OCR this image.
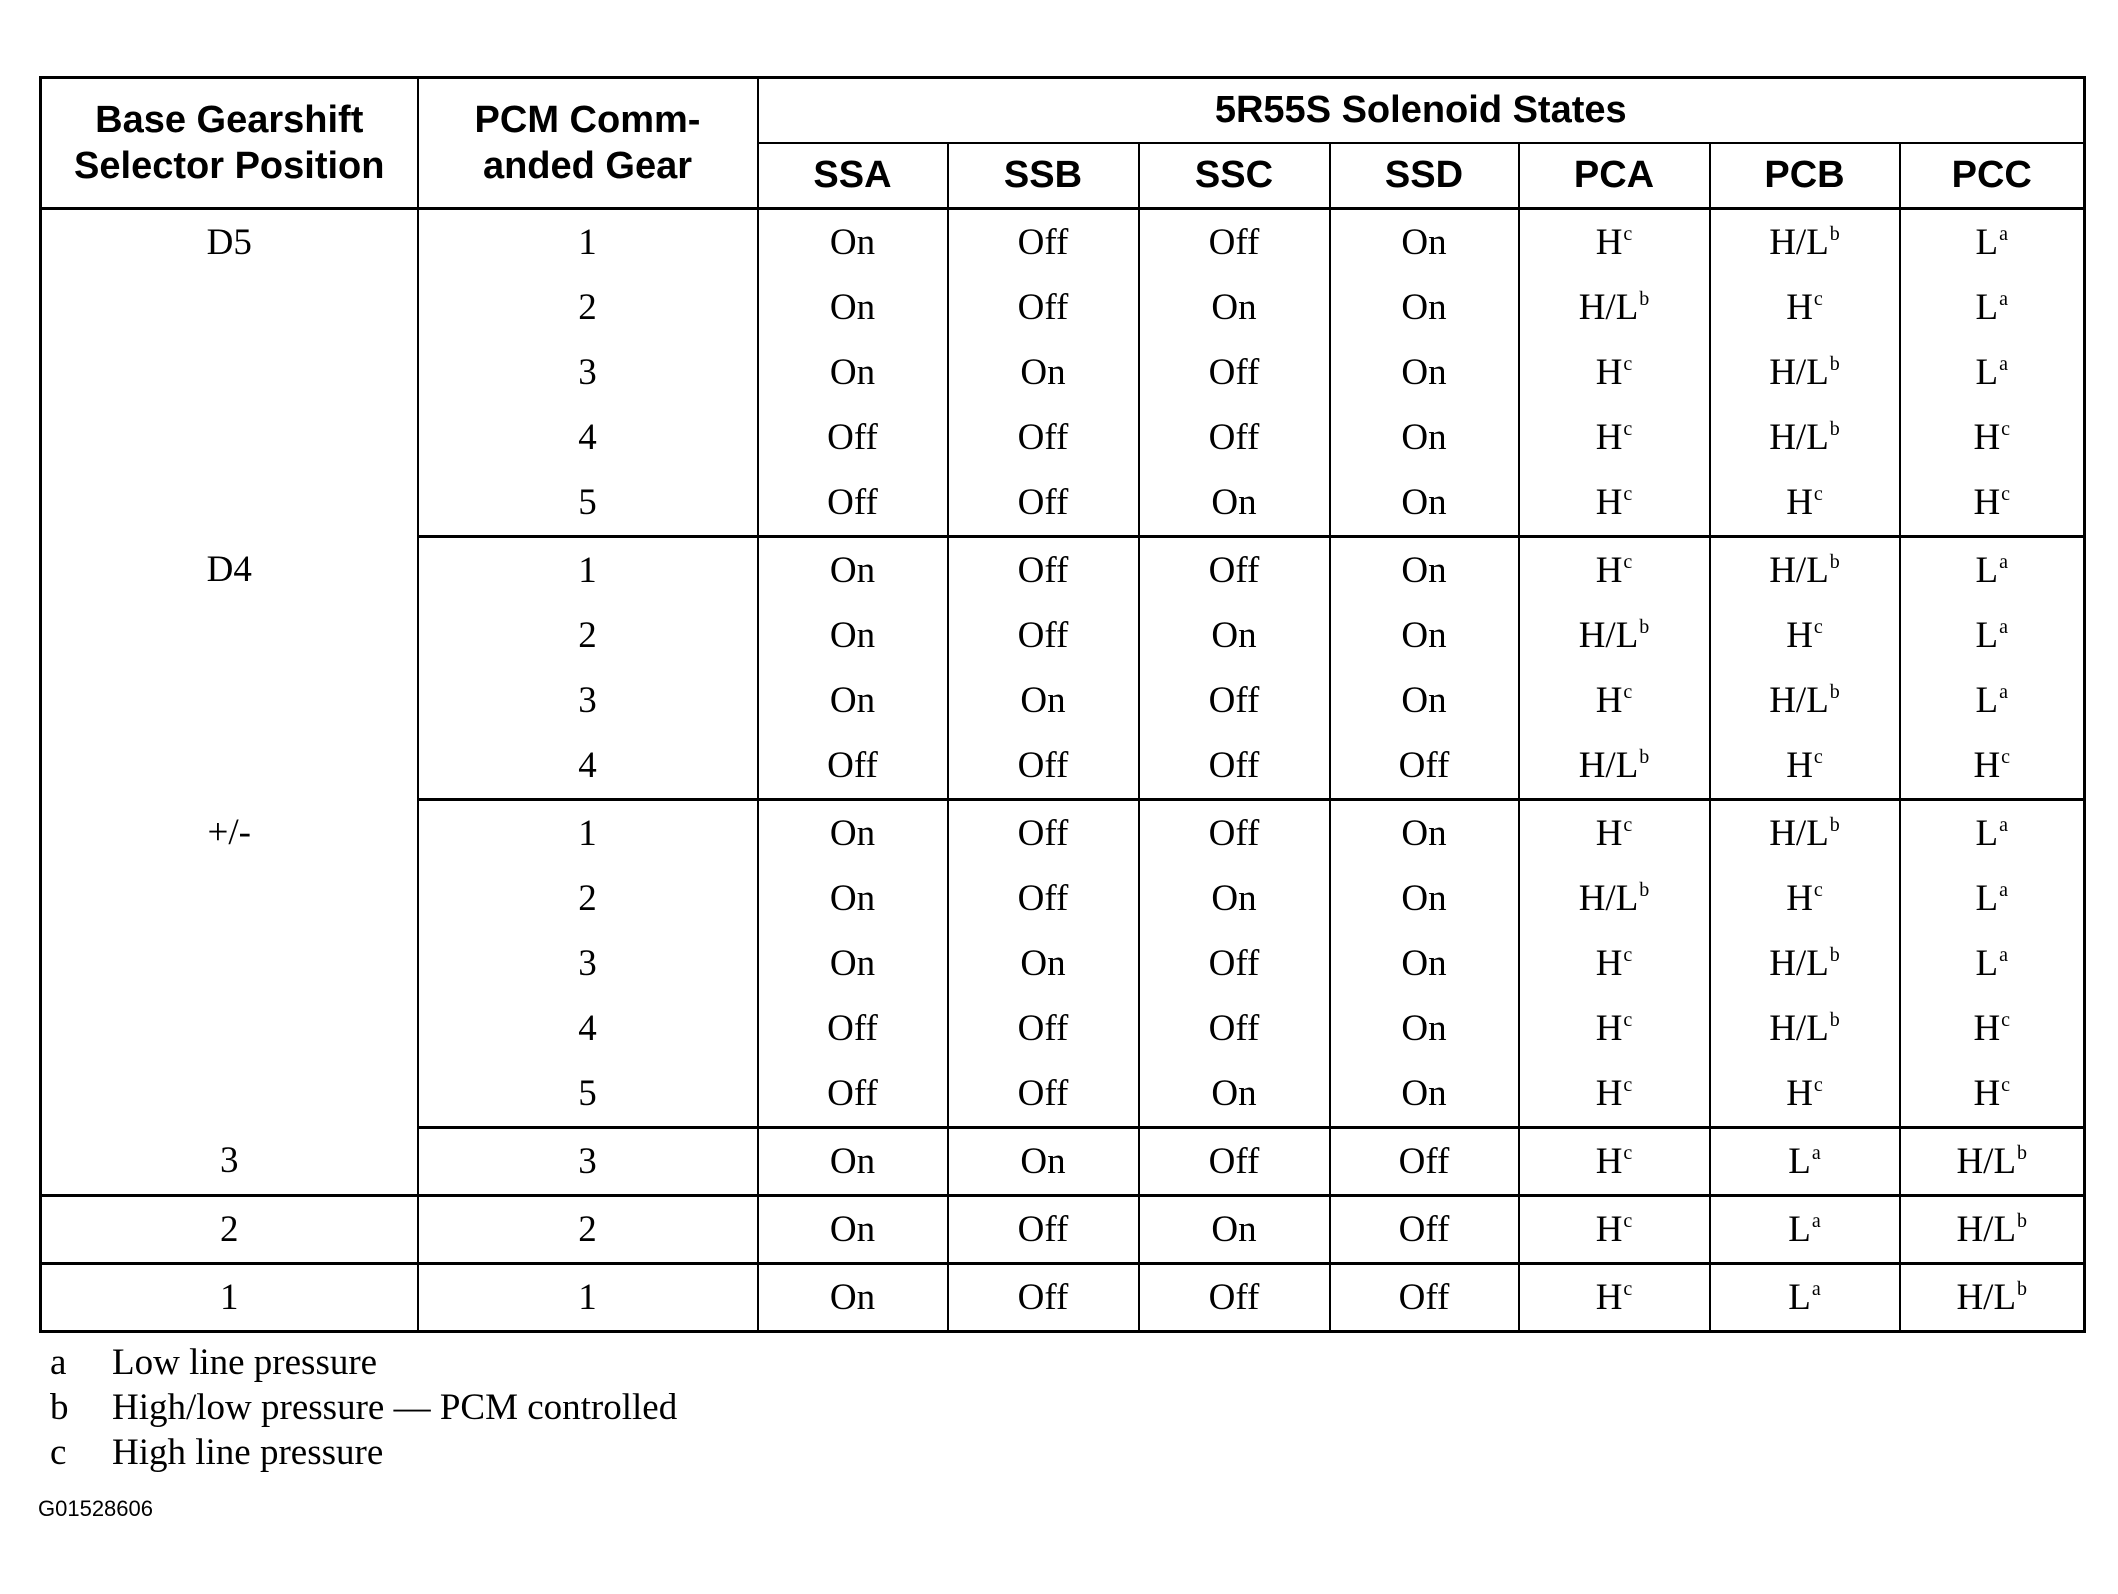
Base Gearshift Selector Position	PCM Comm- anded Gear	5R55S Solenoid States						
		SSA	SSB	SSC	SSD	PCA	PCB	PCC
D5	1	On	Off	Off	On	$H^c$	$H/L^b$	$L^a$
	2	On	Off	On	On	$H/L^b$	$H^c$	$L^a$
	3	On	On	Off	On	$H^c$	$H/L^b$	$L^a$
	4	Off	Off	Off	On	$H^c$	$H/L^b$	$H^c$
	5	Off	Off	On	On	$H^c$	$H^c$	$H^c$
D4	1	On	Off	Off	On	$H^c$	$H/L^b$	$L^a$
	2	On	Off	On	On	$H/L^b$	$H^c$	$L^a$
	3	On	On	Off	On	$H^c$	$H/L^b$	$L^a$
	4	Off	Off	Off	Off	$H/L^b$	$H^c$	$H^c$
+/-	1	On	Off	Off	On	$H^c$	$H/L^b$	$L^a$
	2	On	Off	On	On	$H/L^b$	$H^c$	$L^a$
	3	On	On	Off	On	$H^c$	$H/L^b$	$L^a$
	4	Off	Off	Off	On	$H^c$	$H/L^b$	$H^c$
	5	Off	Off	On	On	$H^c$	$H^c$	$H^c$
3	3	On	On	Off	Off	$H^c$	$L^a$	$H/L^b$
2	2	On	Off	On	Off	$H^c$	$L^a$	$H/L^b$
1	1	On	Off	Off	Off	$H^c$	$L^a$	$H/L^b$
a	Low line pressure
b	High/low pressure — PCM controlled
c	High line pressure
G01528606
